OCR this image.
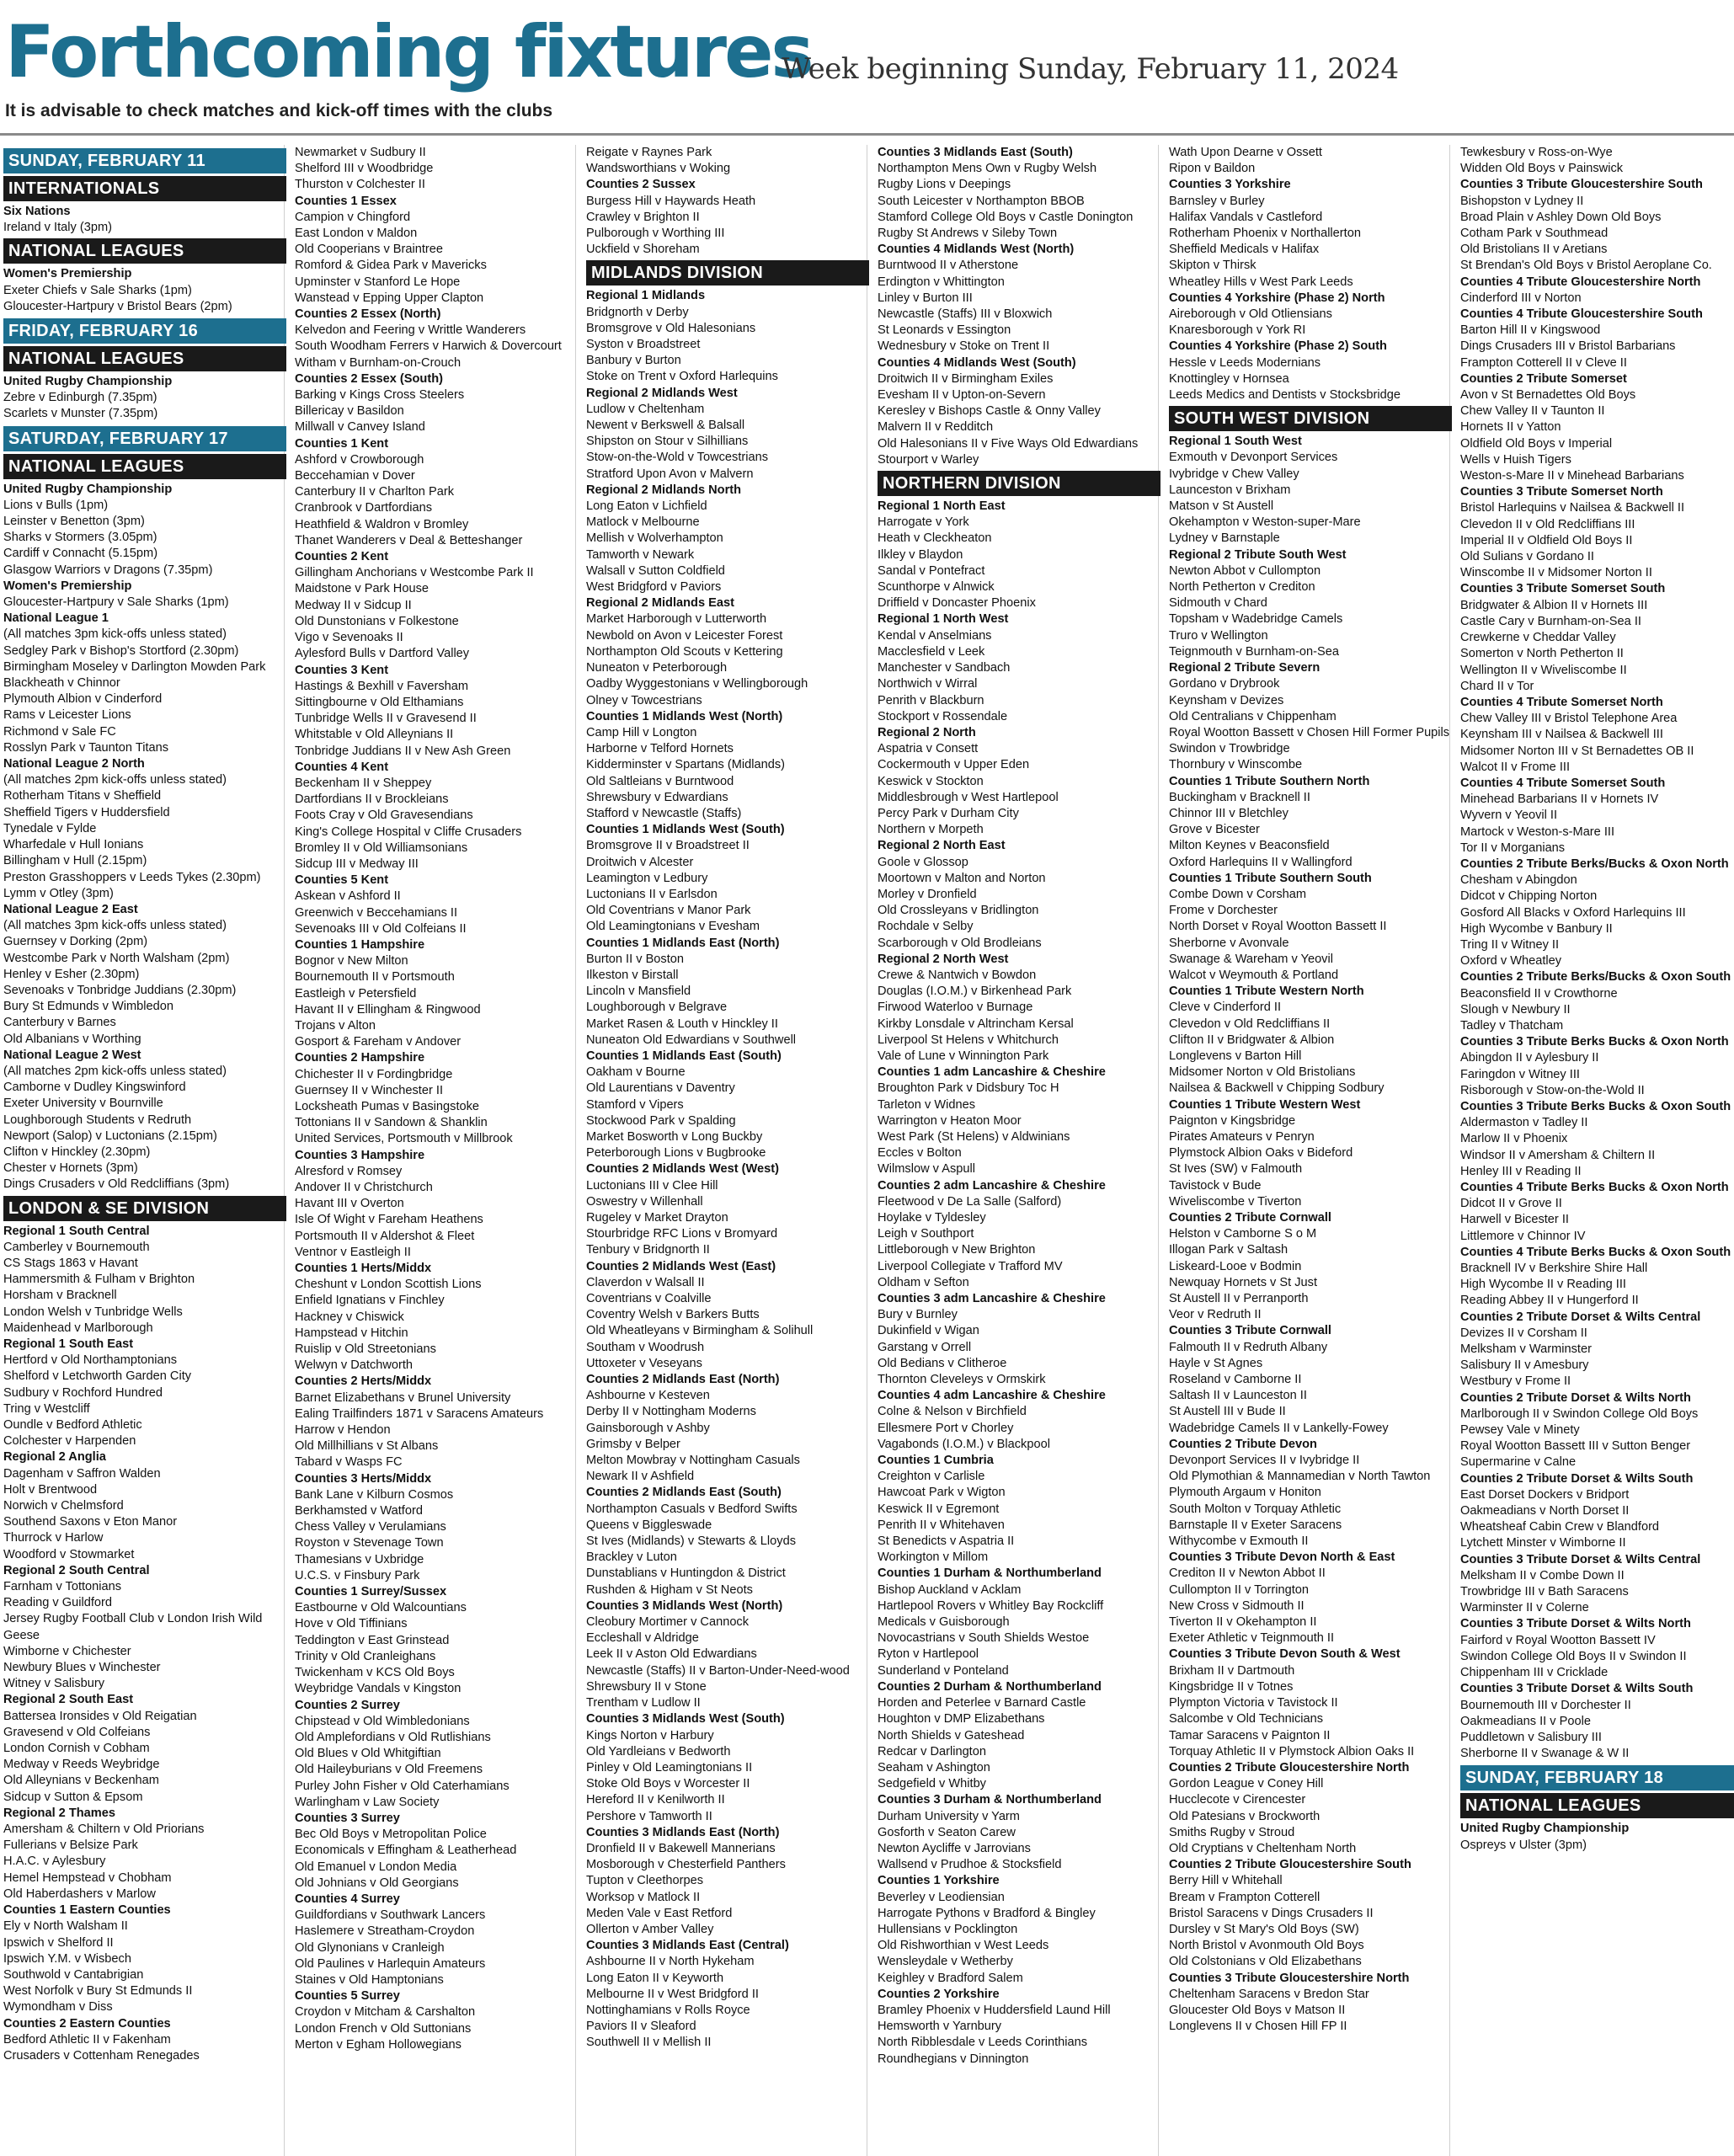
Forthcoming fixtures
Week beginning Sunday, February 11, 2024
It is advisable to check matches and kick-off times with the clubs
SUNDAY, FEBRUARY 11
INTERNATIONALS
Six Nations
Ireland v Italy (3pm)
NATIONAL LEAGUES
Women's Premiership
Exeter Chiefs v Sale Sharks (1pm)
Gloucester-Hartpury v Bristol Bears (2pm)
FRIDAY, FEBRUARY 16
NATIONAL LEAGUES
United Rugby Championship
Zebre v Edinburgh (7.35pm)
Scarlets v Munster (7.35pm)
SATURDAY, FEBRUARY 17
NATIONAL LEAGUES
United Rugby Championship
Lions v Bulls (1pm)
Leinster v Benetton (3pm)
Sharks v Stormers (3.05pm)
Cardiff v Connacht (5.15pm)
Glasgow Warriors v Dragons (7.35pm)
Women's Premiership
Gloucester-Hartpury v Sale Sharks (1pm)
National League 1
(All matches 3pm kick-offs unless stated)
Sedgley Park v Bishop's Stortford (2.30pm)
Birmingham Moseley v Darlington Mowden Park
Blackheath v Chinnor
Plymouth Albion v Cinderford
Rams v Leicester Lions
Richmond v Sale FC
Rosslyn Park v Taunton Titans
National League 2 North
(All matches 2pm kick-offs unless stated)
Rotherham Titans v Sheffield
Sheffield Tigers v Huddersfield
Tynedale v Fylde
Wharfedale v Hull Ionians
Billingham v Hull (2.15pm)
Preston Grasshoppers v Leeds Tykes (2.30pm)
Lymm v Otley (3pm)
National League 2 East
(All matches 3pm kick-offs unless stated)
Guernsey v Dorking (2pm)
Westcombe Park v North Walsham (2pm)
Henley v Esher (2.30pm)
Sevenoaks v Tonbridge Juddians (2.30pm)
Bury St Edmunds v Wimbledon
Canterbury v Barnes
Old Albanians v Worthing
National League 2 West
(All matches 2pm kick-offs unless stated)
Camborne v Dudley Kingswinford
Exeter University v Bournville
Loughborough Students v Redruth
Newport (Salop) v Luctonians (2.15pm)
Clifton v Hinckley (2.30pm)
Chester v Hornets (3pm)
Dings Crusaders v Old Redcliffians (3pm)
LONDON & SE DIVISION
Regional 1 South Central
Camberley v Bournemouth
CS Stags 1863 v Havant
Hammersmith & Fulham v Brighton
Horsham v Bracknell
London Welsh v Tunbridge Wells
Maidenhead v Marlborough
Regional 1 South East
Hertford v Old Northamptonians
Shelford v Letchworth Garden City
Sudbury v Rochford Hundred
Tring v Westcliff
Oundle v Bedford Athletic
Colchester v Harpenden
Regional 2 Anglia
Dagenham v Saffron Walden
Holt v Brentwood
Norwich v Chelmsford
Southend Saxons v Eton Manor
Thurrock v Harlow
Woodford v Stowmarket
Regional 2 South Central
Farnham v Tottonians
Reading v Guildford
Jersey Rugby Football Club v London Irish Wild Geese
Wimborne v Chichester
Newbury Blues v Winchester
Witney v Salisbury
Regional 2 South East
Battersea Ironsides v Old Reigatian
Gravesend v Old Colfeians
London Cornish v Cobham
Medway v Reeds Weybridge
Old Alleynians v Beckenham
Sidcup v Sutton & Epsom
Regional 2 Thames
Amersham & Chiltern v Old Priorians
Fullerians v Belsize Park
H.A.C. v Aylesbury
Hemel Hempstead v Chobham
Old Haberdashers v Marlow
Counties 1 Eastern Counties
Ely v North Walsham II
Ipswich v Shelford II
Ipswich Y.M. v Wisbech
Southwold v Cantabrigian
West Norfolk v Bury St Edmunds II
Wymondham v Diss
Counties 2 Eastern Counties
Bedford Athletic II v Fakenham
Crusaders v Cottenham Renegades
Newmarket v Sudbury II
Shelford III v Woodbridge
Thurston v Colchester II
Counties 1 Essex
Campion v Chingford
East London v Maldon
Old Cooperians v Braintree
Romford & Gidea Park v Mavericks
Upminster v Stanford Le Hope
Wanstead v Epping Upper Clapton
Counties 2 Essex (North)
Kelvedon and Feering v Writtle Wanderers
South Woodham Ferrers v Harwich & Dovercourt
Witham v Burnham-on-Crouch
Counties 2 Essex (South)
Barking v Kings Cross Steelers
Billericay v Basildon
Millwall v Canvey Island
Counties 1 Kent
Ashford v Crowborough
Beccehamian v Dover
Canterbury II v Charlton Park
Cranbrook v Dartfordians
Heathfield & Waldron v Bromley
Thanet Wanderers v Deal & Betteshanger
Counties 2 Kent
Gillingham Anchorians v Westcombe Park II
Maidstone v Park House
Medway II v Sidcup II
Old Dunstonians v Folkestone
Vigo v Sevenoaks II
Aylesford Bulls v Dartford Valley
Counties 3 Kent
Hastings & Bexhill v Faversham
Sittingbourne v Old Elthamians
Tunbridge Wells II v Gravesend II
Whitstable v Old Alleynians II
Tonbridge Juddians II v New Ash Green
Counties 4 Kent
Beckenham II v Sheppey
Dartfordians II v Brockleians
Foots Cray v Old Gravesendians
King's College Hospital v Cliffe Crusaders
Bromley II v Old Williamsonians
Sidcup III v Medway III
Counties 5 Kent
Askean v Ashford II
Greenwich v Beccehamians II
Sevenoaks III v Old Colfeians II
Counties 1 Hampshire
Bognor v New Milton
Bournemouth II v Portsmouth
Eastleigh v Petersfield
Havant II v Ellingham & Ringwood
Trojans v Alton
Gosport & Fareham v Andover
Counties 2 Hampshire
Chichester II v Fordingbridge
Guernsey II v Winchester II
Locksheath Pumas v Basingstoke
Tottonians II v Sandown & Shanklin
United Services, Portsmouth v Millbrook
Counties 3 Hampshire
Alresford v Romsey
Andover II v Christchurch
Havant III v Overton
Isle Of Wight v Fareham Heathens
Portsmouth II v Aldershot & Fleet
Ventnor v Eastleigh II
Counties 1 Herts/Middx
Cheshunt v London Scottish Lions
Enfield Ignatians v Finchley
Hackney v Chiswick
Hampstead v Hitchin
Ruislip v Old Streetonians
Welwyn v Datchworth
Counties 2 Herts/Middx
Barnet Elizabethans v Brunel University
Ealing Trailfinders 1871 v Saracens Amateurs
Harrow v Hendon
Old Millhillians v St Albans
Tabard v Wasps FC
Counties 3 Herts/Middx
Bank Lane v Kilburn Cosmos
Berkhamsted v Watford
Chess Valley v Verulamians
Royston v Stevenage Town
Thamesians v Uxbridge
U.C.S. v Finsbury Park
Counties 1 Surrey/Sussex
Eastbourne v Old Walcountians
Hove v Old Tiffinians
Teddington v East Grinstead
Trinity v Old Cranleighans
Twickenham v KCS Old Boys
Weybridge Vandals v Kingston
Counties 2 Surrey
Chipstead v Old Wimbledonians
Old Amplefordians v Old Rutlishians
Old Blues v Old Whitgiftian
Old Haileyburians v Old Freemens
Purley John Fisher v Old Caterhamians
Warlingham v Law Society
Counties 3 Surrey
Bec Old Boys v Metropolitan Police
Economicals v Effingham & Leatherhead
Old Emanuel v London Media
Old Johnians v Old Georgians
Counties 4 Surrey
Guildfordians v Southwark Lancers
Haslemere v Streatham-Croydon
Old Glynonians v Cranleigh
Old Paulines v Harlequin Amateurs
Staines v Old Hamptonians
Counties 5 Surrey
Croydon v Mitcham & Carshalton
London French v Old Suttonians
Merton v Egham Hollowegians
Reigate v Raynes Park
Wandsworthians v Woking
Counties 2 Sussex
Burgess Hill v Haywards Heath
Crawley v Brighton II
Pulborough v Worthing III
Uckfield v Shoreham
MIDLANDS DIVISION
Regional 1 Midlands
Bridgnorth v Derby
Bromsgrove v Old Halesonians
Syston v Broadstreet
Banbury v Burton
Stoke on Trent v Oxford Harlequins
Regional 2 Midlands West
Ludlow v Cheltenham
Newent v Berkswell & Balsall
Shipston on Stour v Silhillians
Stow-on-the-Wold v Towcestrians
Stratford Upon Avon v Malvern
Regional 2 Midlands North
Long Eaton v Lichfield
Matlock v Melbourne
Mellish v Wolverhampton
Tamworth v Newark
Walsall v Sutton Coldfield
West Bridgford v Paviors
Regional 2 Midlands East
Market Harborough v Lutterworth
Newbold on Avon v Leicester Forest
Northampton Old Scouts v Kettering
Nuneaton v Peterborough
Oadby Wyggestonians v Wellingborough
Olney v Towcestrians
Counties 1 Midlands West (North)
Camp Hill v Longton
Harborne v Telford Hornets
Kidderminster v Spartans (Midlands)
Old Saltleians v Burntwood
Shrewsbury v Edwardians
Stafford v Newcastle (Staffs)
Counties 1 Midlands West (South)
Bromsgrove II v Broadstreet II
Droitwich v Alcester
Leamington v Ledbury
Luctonians II v Earlsdon
Old Coventrians v Manor Park
Old Leamingtonians v Evesham
Counties 1 Midlands East (North)
Burton II v Boston
Ilkeston v Birstall
Lincoln v Mansfield
Loughborough v Belgrave
Market Rasen & Louth v Hinckley II
Nuneaton Old Edwardians v Southwell
Counties 1 Midlands East (South)
Oakham v Bourne
Old Laurentians v Daventry
Stamford v Vipers
Stockwood Park v Spalding
Market Bosworth v Long Buckby
Peterborough Lions v Bugbrooke
Counties 2 Midlands West (West)
Luctonians III v Clee Hill
Oswestry v Willenhall
Rugeley v Market Drayton
Stourbridge RFC Lions v Bromyard
Tenbury v Bridgnorth II
Counties 2 Midlands West (East)
Claverdon v Walsall II
Coventrians v Coalville
Coventry Welsh v Barkers Butts
Old Wheatleyans v Birmingham & Solihull
Southam v Woodrush
Uttoxeter v Veseyans
Counties 2 Midlands East (North)
Ashbourne v Kesteven
Derby II v Nottingham Moderns
Gainsborough v Ashby
Grimsby v Belper
Melton Mowbray v Nottingham Casuals
Newark II v Ashfield
Counties 2 Midlands East (South)
Northampton Casuals v Bedford Swifts
Queens v Biggleswade
St Ives (Midlands) v Stewarts & Lloyds
Brackley v Luton
Dunstablians v Huntingdon & District
Rushden & Higham v St Neots
Counties 3 Midlands West (North)
Cleobury Mortimer v Cannock
Eccleshall v Aldridge
Leek II v Aston Old Edwardians
Newcastle (Staffs) II v Barton-Under-Need-wood
Shrewsbury II v Stone
Trentham v Ludlow II
Counties 3 Midlands West (South)
Kings Norton v Harbury
Old Yardleians v Bedworth
Pinley v Old Leamingtonians II
Stoke Old Boys v Worcester II
Hereford II v Kenilworth II
Pershore v Tamworth II
Counties 3 Midlands East (North)
Dronfield II v Bakewell Mannerians
Mosborough v Chesterfield Panthers
Tupton v Cleethorpes
Worksop v Matlock II
Meden Vale v East Retford
Ollerton v Amber Valley
Counties 3 Midlands East (Central)
Ashbourne II v North Hykeham
Long Eaton II v Keyworth
Melbourne II v West Bridgford II
Nottinghamians v Rolls Royce
Paviors II v Sleaford
Southwell II v Mellish II
Counties 3 Midlands East (South)
Northampton Mens Own v Rugby Welsh
Rugby Lions v Deepings
South Leicester v Northampton BBOB
Stamford College Old Boys v Castle Donington
Rugby St Andrews v Sileby Town
Counties 4 Midlands West (North)
Burntwood II v Atherstone
Erdington v Whittington
Linley v Burton III
Newcastle (Staffs) III v Bloxwich
St Leonards v Essington
Wednesbury v Stoke on Trent II
Counties 4 Midlands West (South)
Droitwich II v Birmingham Exiles
Evesham II v Upton-on-Severn
Keresley v Bishops Castle & Onny Valley
Malvern II v Redditch
Old Halesonians II v Five Ways Old Edwardians
Stourport v Warley
NORTHERN DIVISION
Regional 1 North East
Harrogate v York
Heath v Cleckheaton
Ilkley v Blaydon
Sandal v Pontefract
Scunthorpe v Alnwick
Driffield v Doncaster Phoenix
Regional 1 North West
Kendal v Anselmians
Macclesfield v Leek
Manchester v Sandbach
Northwich v Wirral
Penrith v Blackburn
Stockport v Rossendale
Regional 2 North
Aspatria v Consett
Cockermouth v Upper Eden
Keswick v Stockton
Middlesbrough v West Hartlepool
Percy Park v Durham City
Northern v Morpeth
Regional 2 North East
Goole v Glossop
Moortown v Malton and Norton
Morley v Dronfield
Old Crossleyans v Bridlington
Rochdale v Selby
Scarborough v Old Brodleians
Regional 2 North West
Crewe & Nantwich v Bowdon
Douglas (I.O.M.) v Birkenhead Park
Firwood Waterloo v Burnage
Kirkby Lonsdale v Altrincham Kersal
Liverpool St Helens v Whitchurch
Vale of Lune v Winnington Park
Counties 1 adm Lancashire & Cheshire
Broughton Park v Didsbury Toc H
Tarleton v Widnes
Warrington v Heaton Moor
West Park (St Helens) v Aldwinians
Eccles v Bolton
Wilmslow v Aspull
Counties 2 adm Lancashire & Cheshire
Fleetwood v De La Salle (Salford)
Hoylake v Tyldesley
Leigh v Southport
Littleborough v New Brighton
Liverpool Collegiate v Trafford MV
Oldham v Sefton
Counties 3 adm Lancashire & Cheshire
Bury v Burnley
Dukinfield v Wigan
Garstang v Orrell
Old Bedians v Clitheroe
Thornton Cleveleys v Ormskirk
Counties 4 adm Lancashire & Cheshire
Colne & Nelson v Birchfield
Ellesmere Port v Chorley
Vagabonds (I.O.M.) v Blackpool
Counties 1 Cumbria
Creighton v Carlisle
Hawcoat Park v Wigton
Keswick II v Egremont
Penrith II v Whitehaven
St Benedicts v Aspatria II
Workington v Millom
Counties 1 Durham & Northumberland
Bishop Auckland v Acklam
Hartlepool Rovers v Whitley Bay Rockcliff
Medicals v Guisborough
Novocastrians v South Shields Westoe
Ryton v Hartlepool
Sunderland v Ponteland
Counties 2 Durham & Northumberland
Horden and Peterlee v Barnard Castle
Houghton v DMP Elizabethans
North Shields v Gateshead
Redcar v Darlington
Seaham v Ashington
Sedgefield v Whitby
Counties 3 Durham & Northumberland
Durham University v Yarm
Gosforth v Seaton Carew
Newton Aycliffe v Jarrovians
Wallsend v Prudhoe & Stocksfield
Counties 1 Yorkshire
Beverley v Leodiensian
Harrogate Pythons v Bradford & Bingley
Hullensians v Pocklington
Old Rishworthian v West Leeds
Wensleydale v Wetherby
Keighley v Bradford Salem
Counties 2 Yorkshire
Bramley Phoenix v Huddersfield Laund Hill
Hemsworth v Yarnbury
North Ribblesdale v Leeds Corinthians
Roundhegians v Dinnington
Wath Upon Dearne v Ossett
Ripon v Baildon
Counties 3 Yorkshire
Barnsley v Burley
Halifax Vandals v Castleford
Rotherham Phoenix v Northallerton
Sheffield Medicals v Halifax
Skipton v Thirsk
Wheatley Hills v West Park Leeds
Counties 4 Yorkshire (Phase 2) North
Aireborough v Old Otliensians
Knaresborough v York RI
Counties 4 Yorkshire (Phase 2) South
Hessle v Leeds Modernians
Knottingley v Hornsea
Leeds Medics and Dentists v Stocksbridge
SOUTH WEST DIVISION
Regional 1 South West
Exmouth v Devonport Services
Ivybridge v Chew Valley
Launceston v Brixham
Matson v St Austell
Okehampton v Weston-super-Mare
Lydney v Barnstaple
Regional 2 Tribute South West
Newton Abbot v Cullompton
North Petherton v Crediton
Sidmouth v Chard
Topsham v Wadebridge Camels
Truro v Wellington
Teignmouth v Burnham-on-Sea
Regional 2 Tribute Severn
Gordano v Drybrook
Keynsham v Devizes
Old Centralians v Chippenham
Royal Wootton Bassett v Chosen Hill Former Pupils
Swindon v Trowbridge
Thornbury v Winscombe
Counties 1 Tribute Southern North
Buckingham v Bracknell II
Chinnor III v Bletchley
Grove v Bicester
Milton Keynes v Beaconsfield
Oxford Harlequins II v Wallingford
Counties 1 Tribute Southern South
Combe Down v Corsham
Frome v Dorchester
North Dorset v Royal Wootton Bassett II
Sherborne v Avonvale
Swanage & Wareham v Yeovil
Walcot v Weymouth & Portland
Counties 1 Tribute Western North
Cleve v Cinderford II
Clevedon v Old Redcliffians II
Clifton II v Bridgwater & Albion
Longlevens v Barton Hill
Midsomer Norton v Old Bristolians
Nailsea & Backwell v Chipping Sodbury
Counties 1 Tribute Western West
Paignton v Kingsbridge
Pirates Amateurs v Penryn
Plymstock Albion Oaks v Bideford
St Ives (SW) v Falmouth
Tavistock v Bude
Wiveliscombe v Tiverton
Counties 2 Tribute Cornwall
Helston v Camborne S o M
Illogan Park v Saltash
Liskeard-Looe v Bodmin
Newquay Hornets v St Just
St Austell II v Perranporth
Veor v Redruth II
Counties 3 Tribute Cornwall
Falmouth II v Redruth Albany
Hayle v St Agnes
Roseland v Camborne II
Saltash II v Launceston II
St Austell III v Bude II
Wadebridge Camels II v Lankelly-Fowey
Counties 2 Tribute Devon
Devonport Services II v Ivybridge II
Old Plymothian & Mannamedian v North Tawton
Plymouth Argaum v Honiton
South Molton v Torquay Athletic
Barnstaple II v Exeter Saracens
Withycombe v Exmouth II
Counties 3 Tribute Devon North & East
Crediton II v Newton Abbot II
Cullompton II v Torrington
New Cross v Sidmouth II
Tiverton II v Okehampton II
Exeter Athletic v Teignmouth II
Counties 3 Tribute Devon South & West
Brixham II v Dartmouth
Kingsbridge II v Totnes
Plympton Victoria v Tavistock II
Salcombe v Old Technicians
Tamar Saracens v Paignton II
Torquay Athletic II v Plymstock Albion Oaks II
Counties 2 Tribute Gloucestershire North
Gordon League v Coney Hill
Hucclecote v Cirencester
Old Patesians v Brockworth
Smiths Rugby v Stroud
Old Cryptians v Cheltenham North
Counties 2 Tribute Gloucestershire South
Berry Hill v Whitehall
Bream v Frampton Cotterell
Bristol Saracens v Dings Crusaders II
Dursley v St Mary's Old Boys (SW)
North Bristol v Avonmouth Old Boys
Old Colstonians v Old Elizabethans
Counties 3 Tribute Gloucestershire North
Cheltenham Saracens v Bredon Star
Gloucester Old Boys v Matson II
Longlevens II v Chosen Hill FP II
Tewkesbury v Ross-on-Wye
Widden Old Boys v Painswick
Counties 3 Tribute Gloucestershire South
Bishopston v Lydney II
Broad Plain v Ashley Down Old Boys
Cotham Park v Southmead
Old Bristolians II v Aretians
St Brendan's Old Boys v Bristol Aeroplane Co.
Counties 4 Tribute Gloucestershire North
Cinderford III v Norton
Counties 4 Tribute Gloucestershire South
Barton Hill II v Kingswood
Dings Crusaders III v Bristol Barbarians
Frampton Cotterell II v Cleve II
Counties 2 Tribute Somerset
Avon v St Bernadettes Old Boys
Chew Valley II v Taunton II
Hornets II v Yatton
Oldfield Old Boys v Imperial
Wells v Huish Tigers
Weston-s-Mare II v Minehead Barbarians
Counties 3 Tribute Somerset North
Bristol Harlequins v Nailsea & Backwell II
Clevedon II v Old Redcliffians III
Imperial II v Oldfield Old Boys II
Old Sulians v Gordano II
Winscombe II v Midsomer Norton II
Counties 3 Tribute Somerset South
Bridgwater & Albion II v Hornets III
Castle Cary v Burnham-on-Sea II
Crewkerne v Cheddar Valley
Somerton v North Petherton II
Wellington II v Wiveliscombe II
Chard II v Tor
Counties 4 Tribute Somerset North
Chew Valley III v Bristol Telephone Area
Keynsham III v Nailsea & Backwell III
Midsomer Norton III v St Bernadettes OB II
Walcot II v Frome III
Counties 4 Tribute Somerset South
Minehead Barbarians II v Hornets IV
Wyvern v Yeovil II
Martock v Weston-s-Mare III
Tor II v Morganians
Counties 2 Tribute Berks/Bucks & Oxon North
Chesham v Abingdon
Didcot v Chipping Norton
Gosford All Blacks v Oxford Harlequins III
High Wycombe v Banbury II
Tring II v Witney II
Oxford v Wheatley
Counties 2 Tribute Berks/Bucks & Oxon South
Beaconsfield II v Crowthorne
Slough v Newbury II
Tadley v Thatcham
Counties 3 Tribute Berks Bucks & Oxon North
Abingdon II v Aylesbury II
Faringdon v Witney III
Risborough v Stow-on-the-Wold II
Counties 3 Tribute Berks Bucks & Oxon South
Aldermaston v Tadley II
Marlow II v Phoenix
Windsor II v Amersham & Chiltern II
Henley III v Reading II
Counties 4 Tribute Berks Bucks & Oxon North
Didcot II v Grove II
Harwell v Bicester II
Littlemore v Chinnor IV
Counties 4 Tribute Berks Bucks & Oxon South
Bracknell IV v Berkshire Shire Hall
High Wycombe II v Reading III
Reading Abbey II v Hungerford II
Counties 2 Tribute Dorset & Wilts Central
Devizes II v Corsham II
Melksham v Warminster
Salisbury II v Amesbury
Westbury v Frome II
Counties 2 Tribute Dorset & Wilts North
Marlborough II v Swindon College Old Boys
Pewsey Vale v Minety
Royal Wootton Bassett III v Sutton Benger
Supermarine v Calne
Counties 2 Tribute Dorset & Wilts South
East Dorset Dockers v Bridport
Oakmeadians v North Dorset II
Wheatsheaf Cabin Crew v Blandford
Lytchett Minster v Wimborne II
Counties 3 Tribute Dorset & Wilts Central
Melksham II v Combe Down II
Trowbridge III v Bath Saracens
Warminster II v Colerne
Counties 3 Tribute Dorset & Wilts North
Fairford v Royal Wootton Bassett IV
Swindon College Old Boys II v Swindon II
Chippenham III v Cricklade
Counties 3 Tribute Dorset & Wilts South
Bournemouth III v Dorchester II
Oakmeadians II v Poole
Puddletown v Salisbury III
Sherborne II v Swanage & W II
SUNDAY, FEBRUARY 18
NATIONAL LEAGUES
United Rugby Championship
Ospreys v Ulster (3pm)
